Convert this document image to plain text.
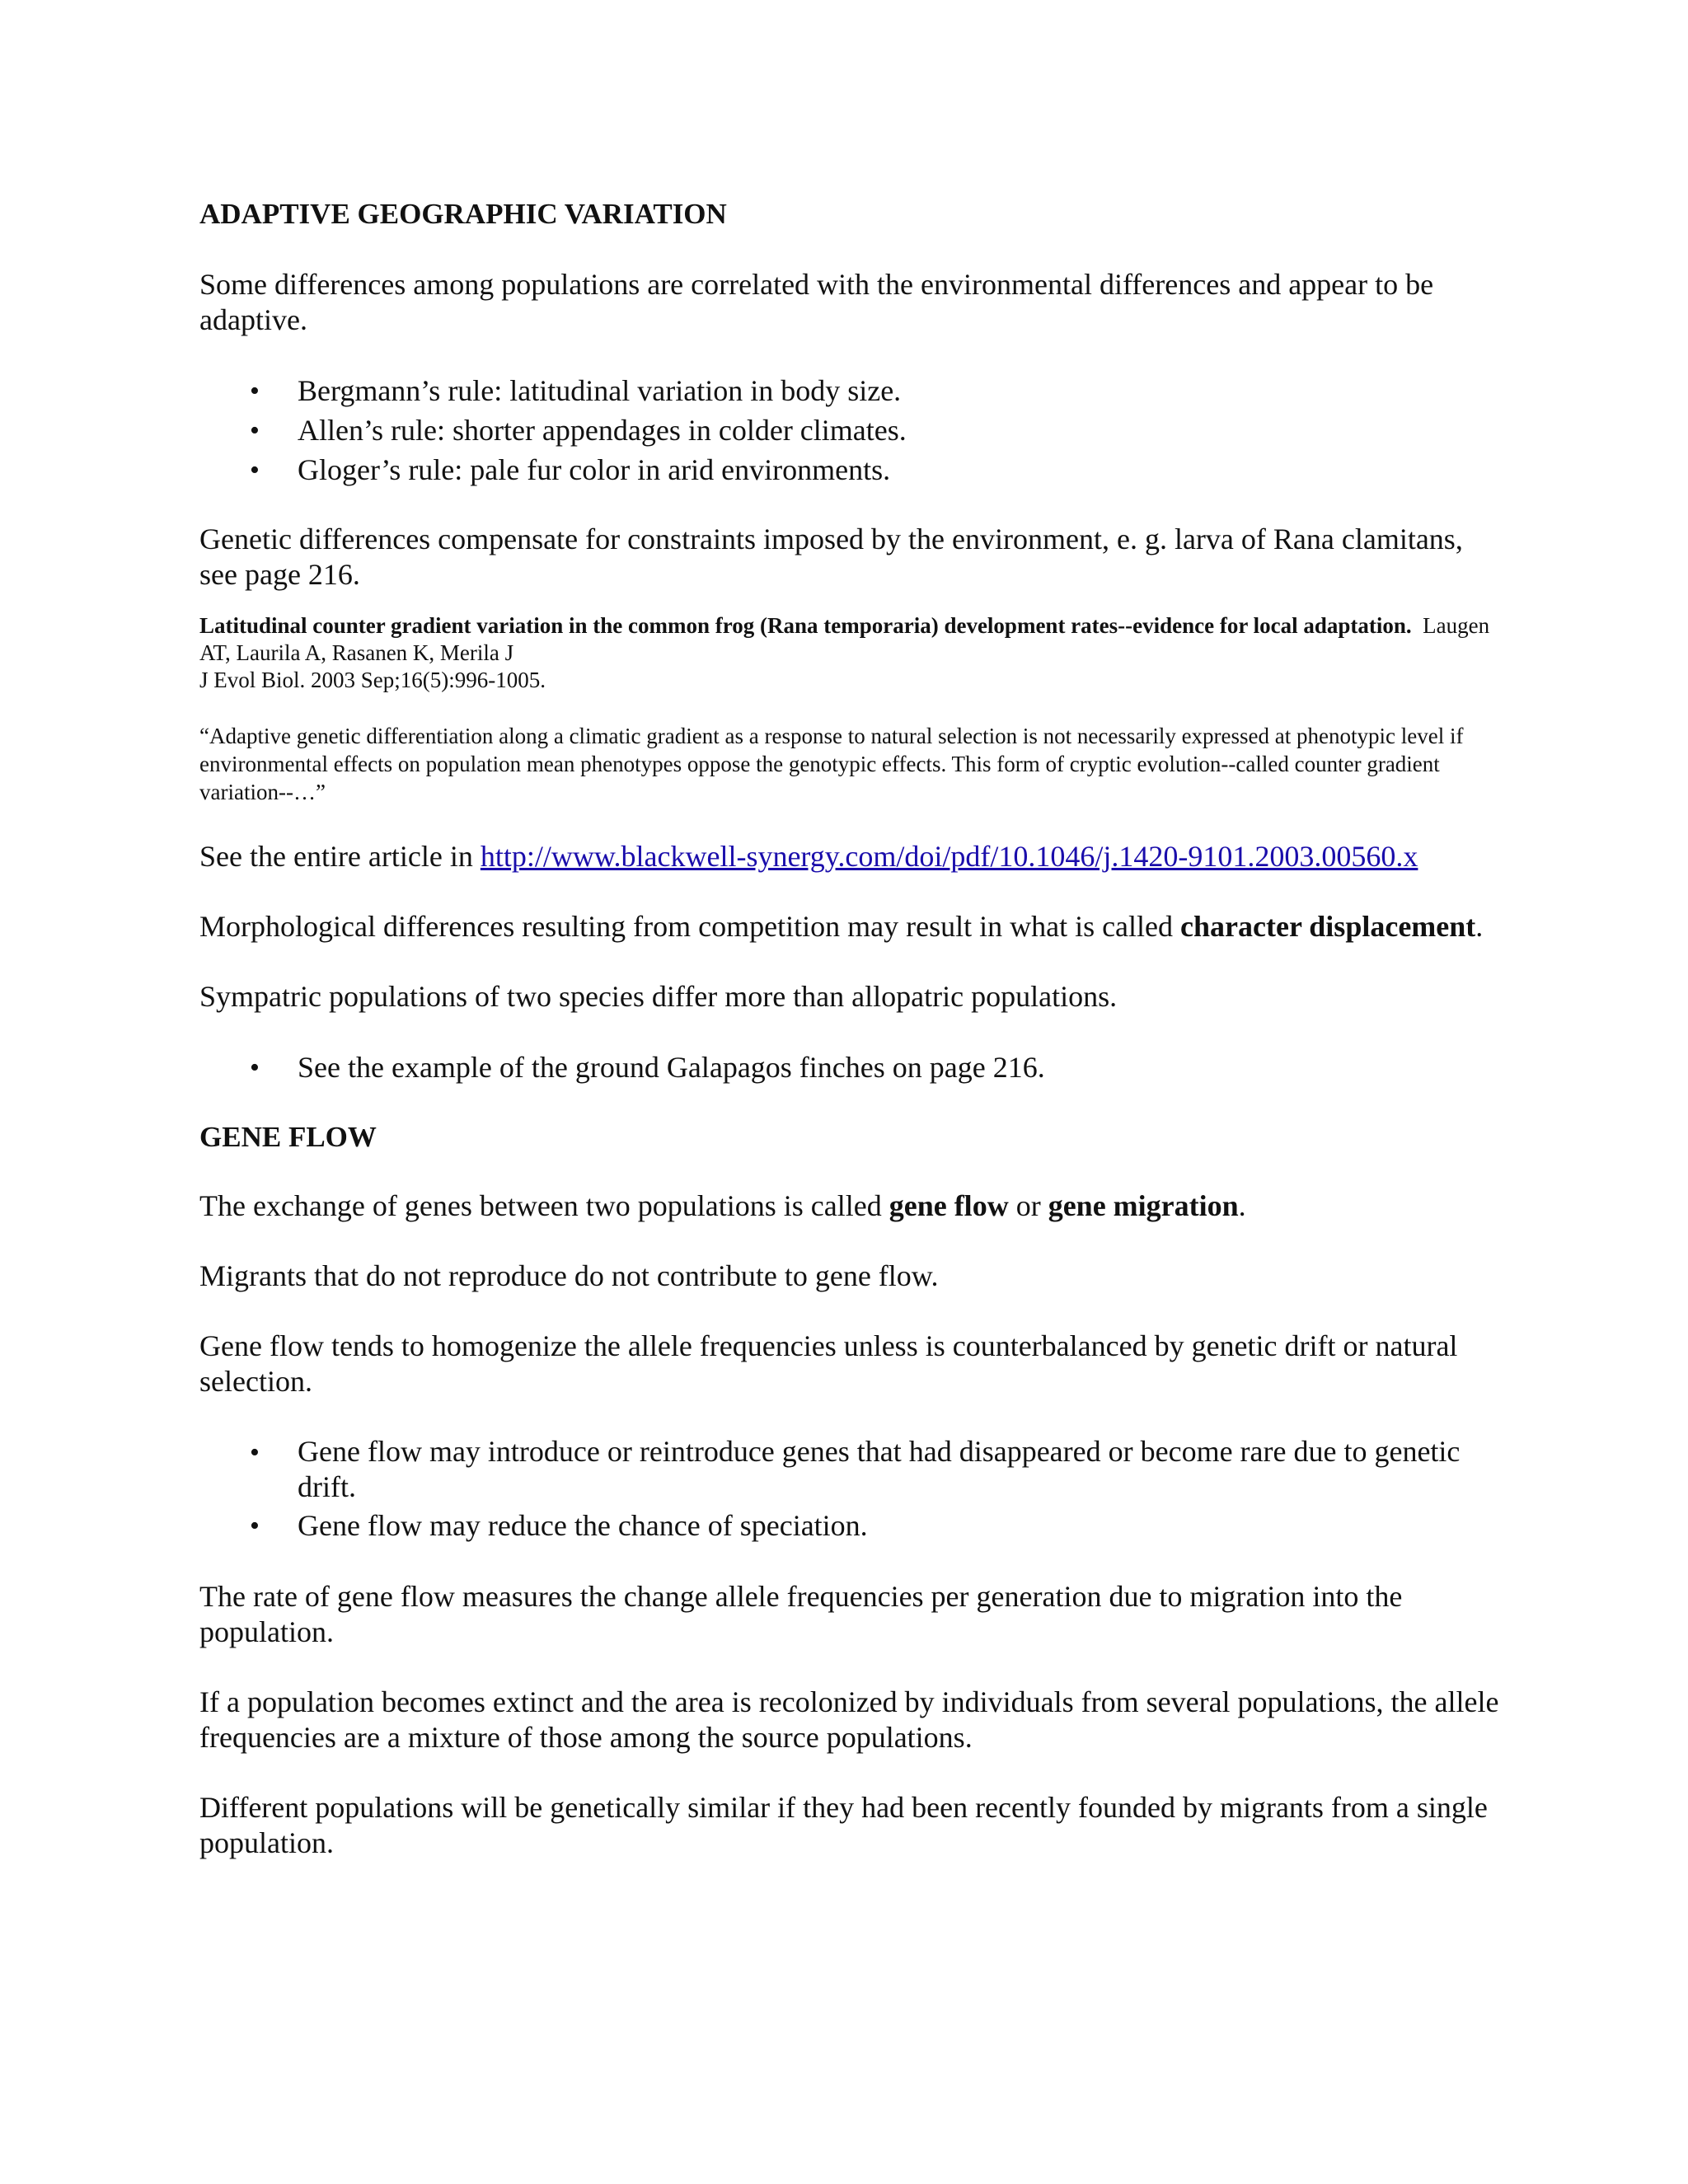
ADAPTIVE GEOGRAPHIC VARIATION

Some differences among populations are correlated with the environmental differences and appear to be adaptive.

• Bergmann’s rule: latitudinal variation in body size.
• Allen’s rule: shorter appendages in colder climates.
• Gloger’s rule: pale fur color in arid environments.

Genetic differences compensate for constraints imposed by the environment, e. g. larva of Rana clamitans, see page 216.

Latitudinal counter gradient variation in the common frog (Rana temporaria) development rates--evidence for local adaptation. Laugen AT, Laurila A, Rasanen K, Merila J
J Evol Biol. 2003 Sep;16(5):996-1005.

“Adaptive genetic differentiation along a climatic gradient as a response to natural selection is not necessarily expressed at phenotypic level if environmental effects on population mean phenotypes oppose the genotypic effects. This form of cryptic evolution--called counter gradient variation--…”

See the entire article in http://www.blackwell-synergy.com/doi/pdf/10.1046/j.1420-9101.2003.00560.x

Morphological differences resulting from competition may result in what is called character displacement.

Sympatric populations of two species differ more than allopatric populations.

• See the example of the ground Galapagos finches on page 216.

GENE FLOW

The exchange of genes between two populations is called gene flow or gene migration.

Migrants that do not reproduce do not contribute to gene flow.

Gene flow tends to homogenize the allele frequencies unless is counterbalanced by genetic drift or natural selection.

• Gene flow may introduce or reintroduce genes that had disappeared or become rare due to genetic drift.
• Gene flow may reduce the chance of speciation.

The rate of gene flow measures the change allele frequencies per generation due to migration into the population.

If a population becomes extinct and the area is recolonized by individuals from several populations, the allele frequencies are a mixture of those among the source populations.

Different populations will be genetically similar if they had been recently founded by migrants from a single population.
